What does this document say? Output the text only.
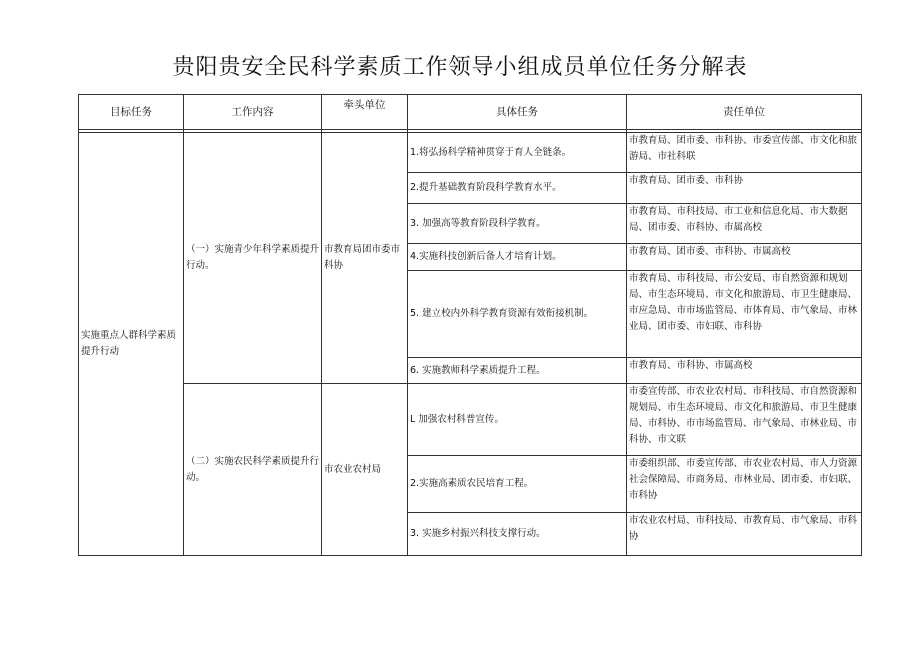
贵阳贵安全民科学素质工作领导小组成员单位任务分解表
目标任务	工作内容	牵头单位	具体任务	责任单位

实施重点人群科学素质提升行动	（一）实施青少年科学素质提升行动。	市教育局团市委市科协	1.将弘扬科学精神贯穿于育人全链条。	市教育局、团市委、市科协、市委宣传部、市文化和旅游局、市社科联
			2.提升基础教育阶段科学教育水平。	市教育局、团市委、市科协
			3. 加强高等教育阶段科学教育。	市教育局、市科技局、市工业和信息化局、市大数据局、团市委、市科协、市属高校
			4.实施科技创新后备人才培育计划。	市教育局、团市委、市科协、市属高校
			5. 建立校内外科学教育资源有效衔接机制。	市教育局、市科技局、市公安局、市自然资源和规划局、市生态环境局、市文化和旅游局、市卫生健康局、市应急局、市市场监管局、市体育局、市气象局、市林业局、团市委、市妇联、市科协
			6. 实施教师科学素质提升工程。	市教育局、市科协、市属高校
	（二）实施农民科学素质提升行动。	市农业农村局	L 加强农村科普宣传。	市委宣传部、市农业农村局、市科技局、市自然资源和规划局、市生态环境局、市文化和旅游局、市卫生健康局、市科协、市市场监管局、市气象局、市林业局、市科协、市文联
			2.实施高素质农民培育工程。	市委组织部、市委宣传部、市农业农村局、市人力资源社会保障局、市商务局、市林业局、团市委、市妇联、市科协
			3. 实施乡村振兴科技支撑行动。	市农业农村局、市科技局、市教育局、市气象局、市科协
